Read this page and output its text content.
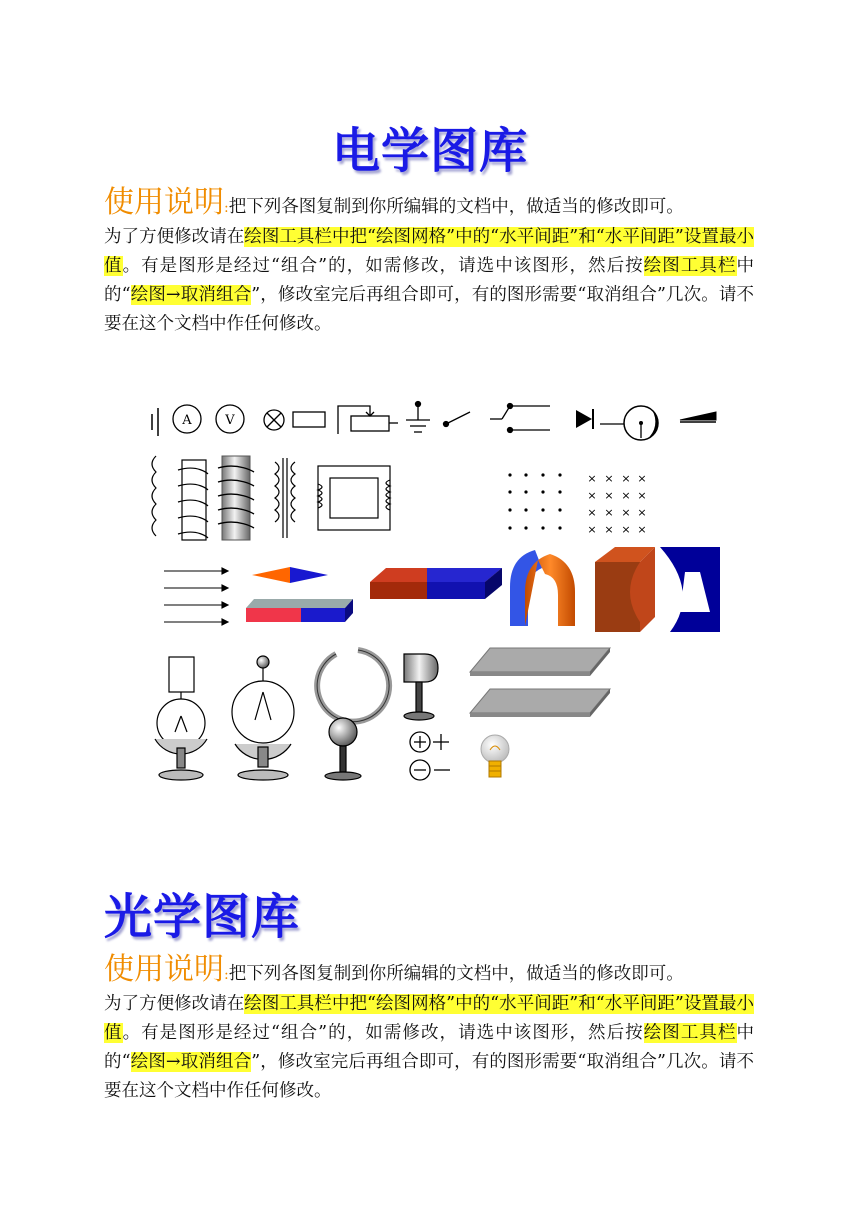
电学图库
使用说明:把下列各图复制到你所编辑的文档中，做适当的修改即可。
为了方便修改请在绘图工具栏中把“绘图网格”中的“水平间距”和“水平间距”设置最小值。有是图形是经过“组合”的，如需修改，请选中该图形，然后按绘图工具栏中的“绘图→取消组合”，修改室完后再组合即可，有的图形需要“取消组合”几次。请不要在这个文档中作任何修改。
A	V
× × × ×
× × × ×
× × × ×
× × × ×
光学图库
使用说明:把下列各图复制到你所编辑的文档中，做适当的修改即可。
为了方便修改请在绘图工具栏中把“绘图网格”中的“水平间距”和“水平间距”设置最小值。有是图形是经过“组合”的，如需修改，请选中该图形，然后按绘图工具栏中的“绘图→取消组合”，修改室完后再组合即可，有的图形需要“取消组合”几次。请不要在这个文档中作任何修改。
